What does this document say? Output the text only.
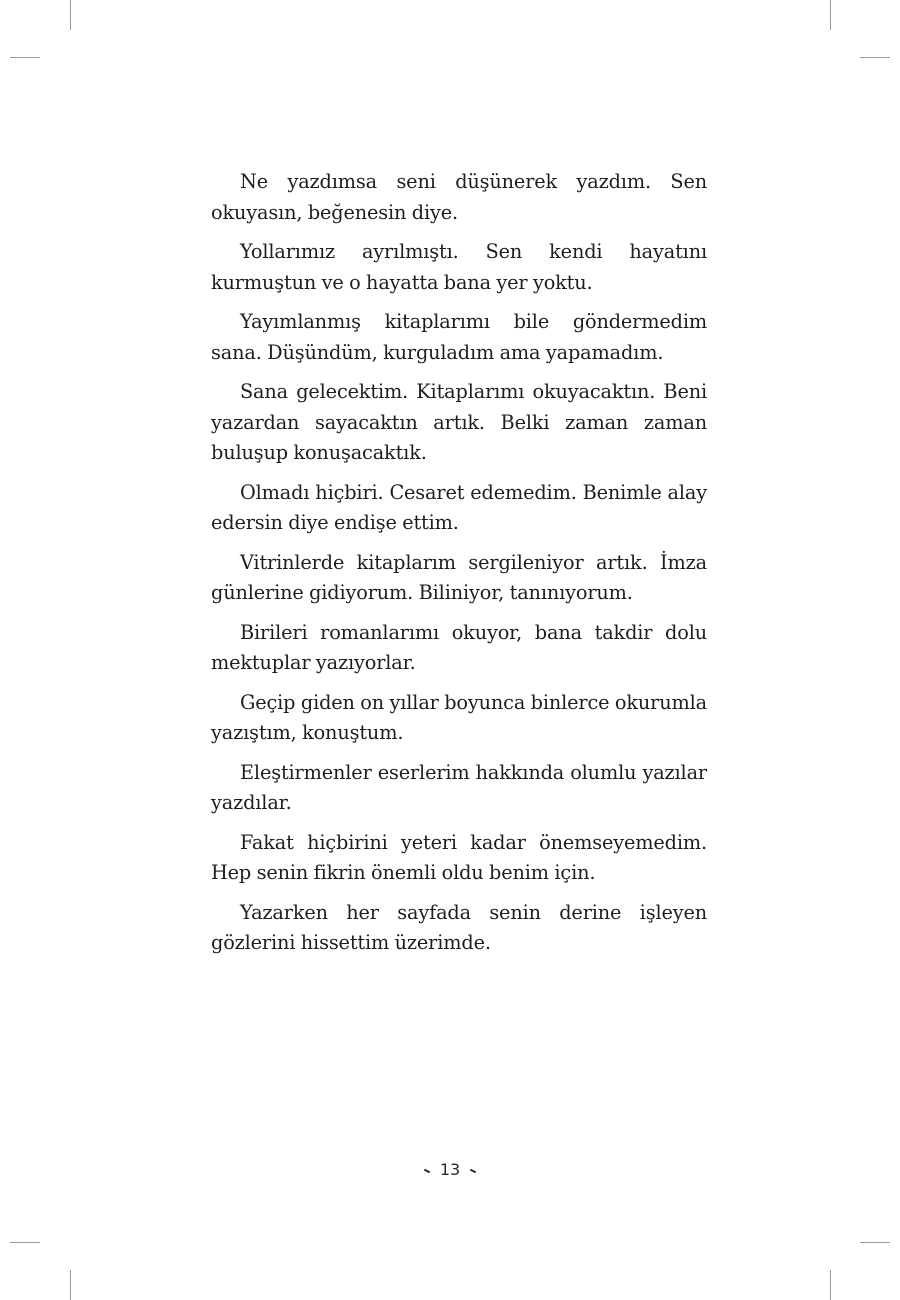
Ne yazdımsa seni düşünerek yazdım. Sen okuyasın, beğenesin diye.

Yollarımız ayrılmıştı. Sen kendi hayatını kurmuştun ve o hayatta bana yer yoktu.

Yayımlanmış kitaplarımı bile göndermedim sana. Düşündüm, kurguladım ama yapamadım.

Sana gelecektim. Kitaplarımı okuyacaktın. Beni yazardan sayacaktın artık. Belki zaman zaman buluşup konuşacaktık.

Olmadı hiçbiri. Cesaret edemedim. Benimle alay edersin diye endişe ettim.

Vitrinlerde kitaplarım sergileniyor artık. İmza günlerine gidiyorum. Biliniyor, tanınıyorum.

Birileri romanlarımı okuyor, bana takdir dolu mektuplar yazıyorlar.

Geçip giden on yıllar boyunca binlerce okurumla yazıştım, konuştum.

Eleştirmenler eserlerim hakkında olumlu yazılar yazdılar.

Fakat hiçbirini yeteri kadar önemseyemedim. Hep senin fikrin önemli oldu benim için.

Yazarken her sayfada senin derine işleyen gözlerini hissettim üzerimde.

13
